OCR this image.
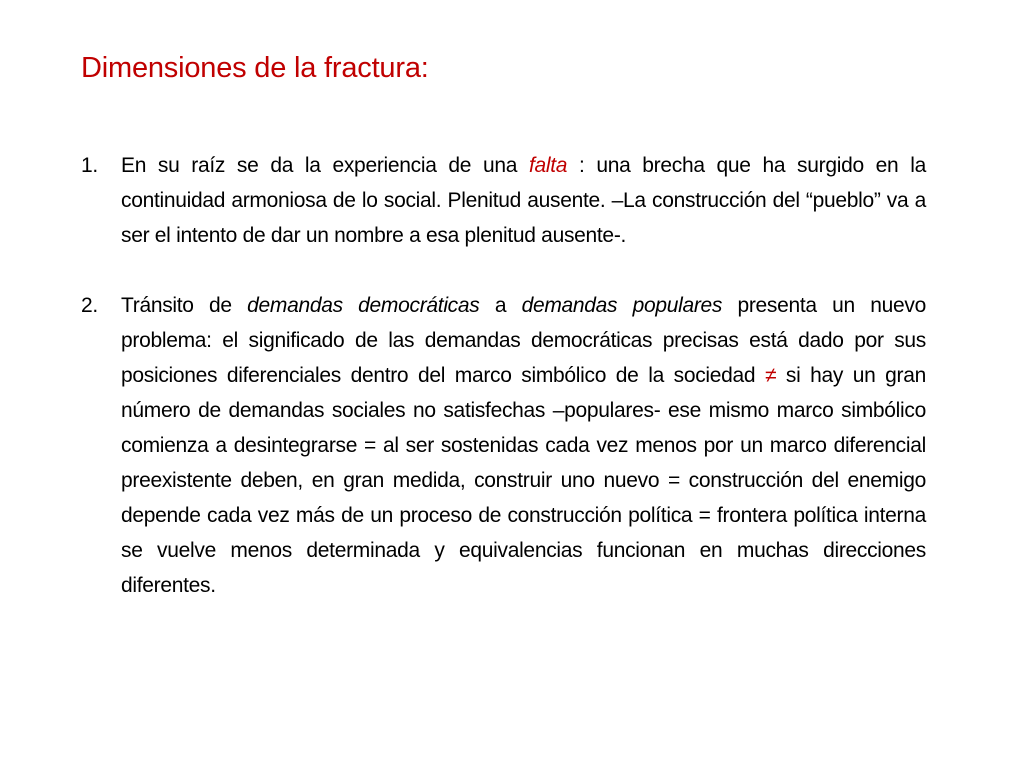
Dimensiones de la fractura:
1.	En su raíz se da la experiencia de una falta : una brecha que ha surgido en la continuidad armoniosa de lo social. Plenitud ausente. –La construcción del “pueblo” va a ser el intento de dar un nombre a esa plenitud ausente-.
2.	Tránsito de demandas democráticas a demandas populares presenta un nuevo problema: el significado de las demandas democráticas precisas está dado por sus posiciones diferenciales dentro del marco simbólico de la sociedad ≠ si hay un gran número de demandas sociales no satisfechas –populares- ese mismo marco simbólico comienza a desintegrarse = al ser sostenidas cada vez menos por un marco diferencial preexistente deben, en gran medida, construir uno nuevo = construcción del enemigo depende cada vez más de un proceso de construcción política = frontera política interna se vuelve menos determinada y equivalencias funcionan en muchas direcciones diferentes.
